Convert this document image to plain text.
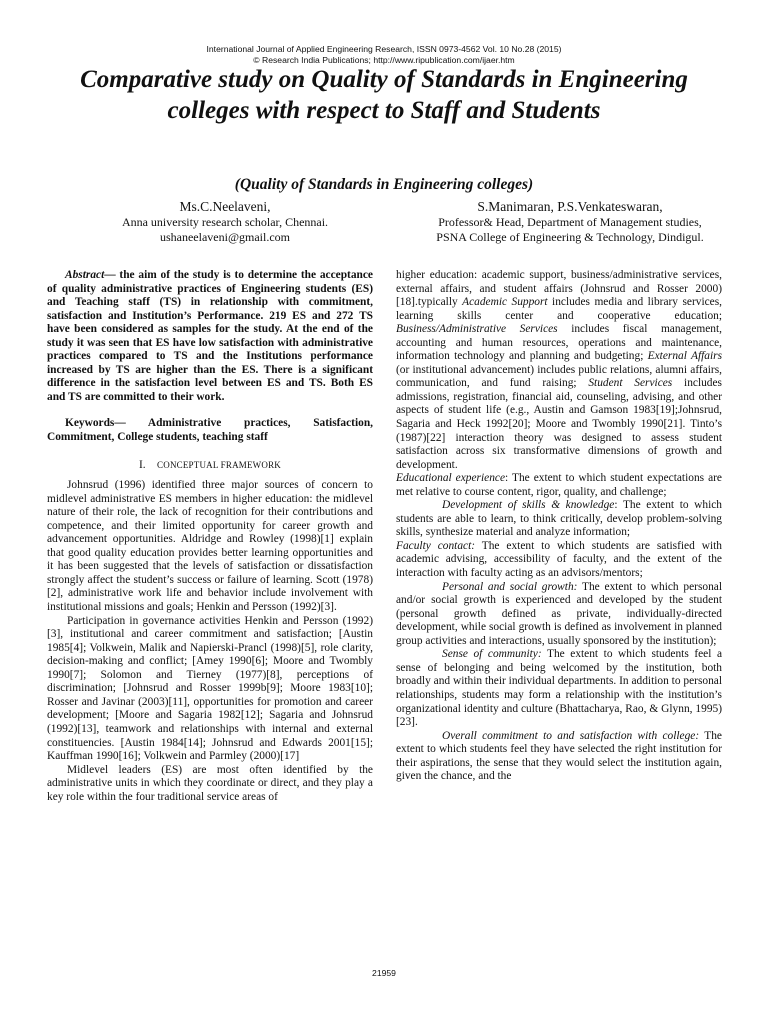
International Journal of Applied Engineering Research, ISSN 0973-4562 Vol. 10 No.28 (2015)
© Research India Publications; http://www.ripublication.com/ijaer.htm
Comparative study on Quality of Standards in Engineering colleges with respect to Staff and Students
(Quality of Standards in Engineering colleges)
Ms.C.Neelaveni,
Anna university research scholar, Chennai.
ushaneelaveni@gmail.com
S.Manimaran, P.S.Venkateswaran,
Professor& Head, Department of Management studies,
PSNA College of Engineering & Technology, Dindigul.

Abstract— the aim of the study is to determine the acceptance of quality administrative practices of Engineering students (ES) and Teaching staff (TS) in relationship with commitment, satisfaction and Institution’s Performance. 219 ES and 272 TS have been considered as samples for the study. At the end of the study it was seen that ES have low satisfaction with administrative practices compared to TS and the Institutions performance increased by TS are higher than the ES. There is a significant difference in the satisfaction level between ES and TS. Both ES and TS are committed to their work.

Keywords— Administrative practices, Satisfaction, Commitment, College students, teaching staff

I. CONCEPTUAL FRAMEWORK

Johnsrud (1996) identified three major sources of concern to midlevel administrative ES members in higher education: the midlevel nature of their role, the lack of recognition for their contributions and competence, and their limited opportunity for career growth and advancement opportunities. Aldridge and Rowley (1998)[1] explain that good quality education provides better learning opportunities and it has been suggested that the levels of satisfaction or dissatisfaction strongly affect the student’s success or failure of learning. Scott (1978)[2], administrative work life and behavior include involvement with institutional missions and goals; Henkin and Persson (1992)[3].

Participation in governance activities Henkin and Persson (1992)[3], institutional and career commitment and satisfaction; [Austin 1985[4]; Volkwein, Malik and Napierski-Prancl (1998)[5], role clarity, decision-making and conflict; [Amey 1990[6]; Moore and Twombly 1990[7]; Solomon and Tierney (1977)[8], perceptions of discrimination; [Johnsrud and Rosser 1999b[9]; Moore 1983[10]; Rosser and Javinar (2003)[11], opportunities for promotion and career development; [Moore and Sagaria 1982[12]; Sagaria and Johnsrud (1992)[13], teamwork and relationships with internal and external constituencies. [Austin 1984[14]; Johnsrud and Edwards 2001[15]; Kauffman 1990[16]; Volkwein and Parmley (2000)[17]

Midlevel leaders (ES) are most often identified by the administrative units in which they coordinate or direct, and they play a key role within the four traditional service areas of

higher education: academic support, business/administrative services, external affairs, and student affairs (Johnsrud and Rosser 2000)[18].typically Academic Support includes media and library services, learning skills center and cooperative education; Business/Administrative Services includes fiscal management, accounting and human resources, operations and maintenance, information technology and planning and budgeting; External Affairs (or institutional advancement) includes public relations, alumni affairs, communication, and fund raising; Student Services includes admissions, registration, financial aid, counseling, advising, and other aspects of student life (e.g., Austin and Gamson 1983[19];Johnsrud, Sagaria and Heck 1992[20]; Moore and Twombly 1990[21]. Tinto’s (1987)[22] interaction theory was designed to assess student satisfaction across six transformative dimensions of growth and development.

Educational experience: The extent to which student expectations are met relative to course content, rigor, quality, and challenge;

Development of skills & knowledge: The extent to which students are able to learn, to think critically, develop problem-solving skills, synthesize material and analyze information;

Faculty contact: The extent to which students are satisfied with academic advising, accessibility of faculty, and the extent of the interaction with faculty acting as an advisors/mentors;

Personal and social growth: The extent to which personal and/or social growth is experienced and developed by the student (personal growth defined as private, individually-directed development, while social growth is defined as involvement in planned group activities and interactions, usually sponsored by the institution);

Sense of community: The extent to which students feel a sense of belonging and being welcomed by the institution, both broadly and within their individual departments. In addition to personal relationships, students may form a relationship with the institution’s organizational identity and culture (Bhattacharya, Rao, & Glynn, 1995)[23].

Overall commitment to and satisfaction with college: The extent to which students feel they have selected the right institution for their aspirations, the sense that they would select the institution again, given the chance, and the

21959
